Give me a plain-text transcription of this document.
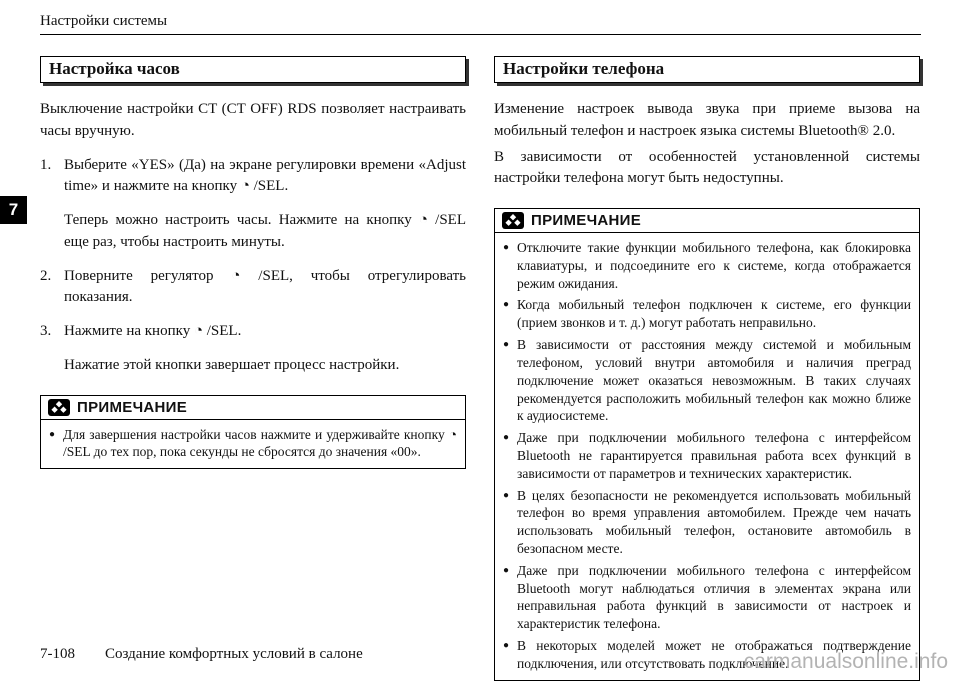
Настройки системы
7
Настройка часов

Выключение настройки CT (CT OFF) RDS позволяет настраивать часы вручную.

1. Выберите «YES» (Да) на экране регулировки времени «Adjust time» и нажмите на кнопку ◔ /SEL.
Теперь можно настроить часы. Нажмите на кнопку ◔ /SEL еще раз, чтобы настроить минуты.
2. Поверните регулятор ◔ /SEL, чтобы отрегулировать показания.
3. Нажмите на кнопку ◔ /SEL.
Нажатие этой кнопки завершает процесс настройки.
ПРИМЕЧАНИЕ
● Для завершения настройки часов нажмите и удерживайте кнопку ◔ /SEL до тех пор, пока секунды не сбросятся до значения «00».
Настройки телефона

Изменение настроек вывода звука при приеме вызова на мобильный телефон и настроек языка системы Bluetooth® 2.0.

В зависимости от особенностей установленной системы настройки телефона могут быть недоступны.

ПРИМЕЧАНИЕ
● Отключите такие функции мобильного телефона, как блокировка клавиатуры, и подсоедините его к системе, когда отображается режим ожидания.
● Когда мобильный телефон подключен к системе, его функции (прием звонков и т. д.) могут работать неправильно.
● В зависимости от расстояния между системой и мобильным телефоном, условий внутри автомобиля и наличия преград подключение может оказаться невозможным. В таких случаях рекомендуется расположить мобильный телефон как можно ближе к аудиосистеме.
● Даже при подключении мобильного телефона с интерфейсом Bluetooth не гарантируется правильная работа всех функций в зависимости от параметров и технических характеристик.
● В целях безопасности не рекомендуется использовать мобильный телефон во время управления автомобилем. Прежде чем начать использовать мобильный телефон, остановите автомобиль в безопасном месте.
● Даже при подключении мобильного телефона с интерфейсом Bluetooth могут наблюдаться отличия в элементах экрана или неправильная работа функций в зависимости от настроек и характеристик телефона.
● В некоторых моделей может не отображаться подтверждение подключения, или отсутствовать подключение.
7-108 Создание комфортных условий в салоне	carmanualsonline.info
